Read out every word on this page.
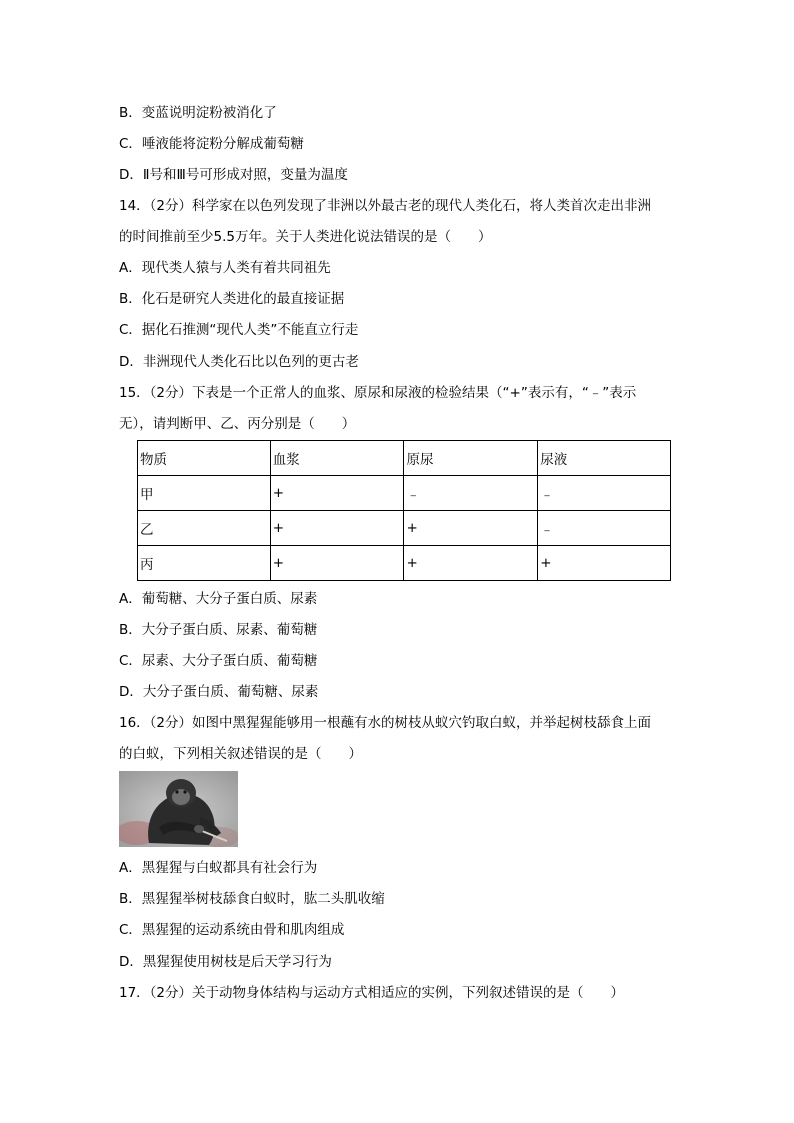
B．变蓝说明淀粉被消化了
C．唾液能将淀粉分解成葡萄糖
D．Ⅱ号和Ⅲ号可形成对照，变量为温度
14．（2分）科学家在以色列发现了非洲以外最古老的现代人类化石，将人类首次走出非洲
的时间推前至少5.5万年。关于人类进化说法错误的是（　　）
A．现代类人猿与人类有着共同祖先
B．化石是研究人类进化的最直接证据
C．据化石推测“现代人类”不能直立行走
D．非洲现代人类化石比以色列的更古老
15．（2分）下表是一个正常人的血浆、原尿和尿液的检验结果（“+”表示有，“﹣”表示
无），请判断甲、乙、丙分别是（　　）
物质	血浆	原尿	尿液
甲	+	﹣	﹣
乙	+	+	﹣
丙	+	+	+
A．葡萄糖、大分子蛋白质、尿素
B．大分子蛋白质、尿素、葡萄糖
C．尿素、大分子蛋白质、葡萄糖
D．大分子蛋白质、葡萄糖、尿素
16．（2分）如图中黑猩猩能够用一根蘸有水的树枝从蚁穴钓取白蚁，并举起树枝舔食上面
的白蚁，下列相关叙述错误的是（　　）
A．黑猩猩与白蚁都具有社会行为
B．黑猩猩举树枝舔食白蚁时，肱二头肌收缩
C．黑猩猩的运动系统由骨和肌肉组成
D．黑猩猩使用树枝是后天学习行为
17．（2分）关于动物身体结构与运动方式相适应的实例，下列叙述错误的是（　　）
